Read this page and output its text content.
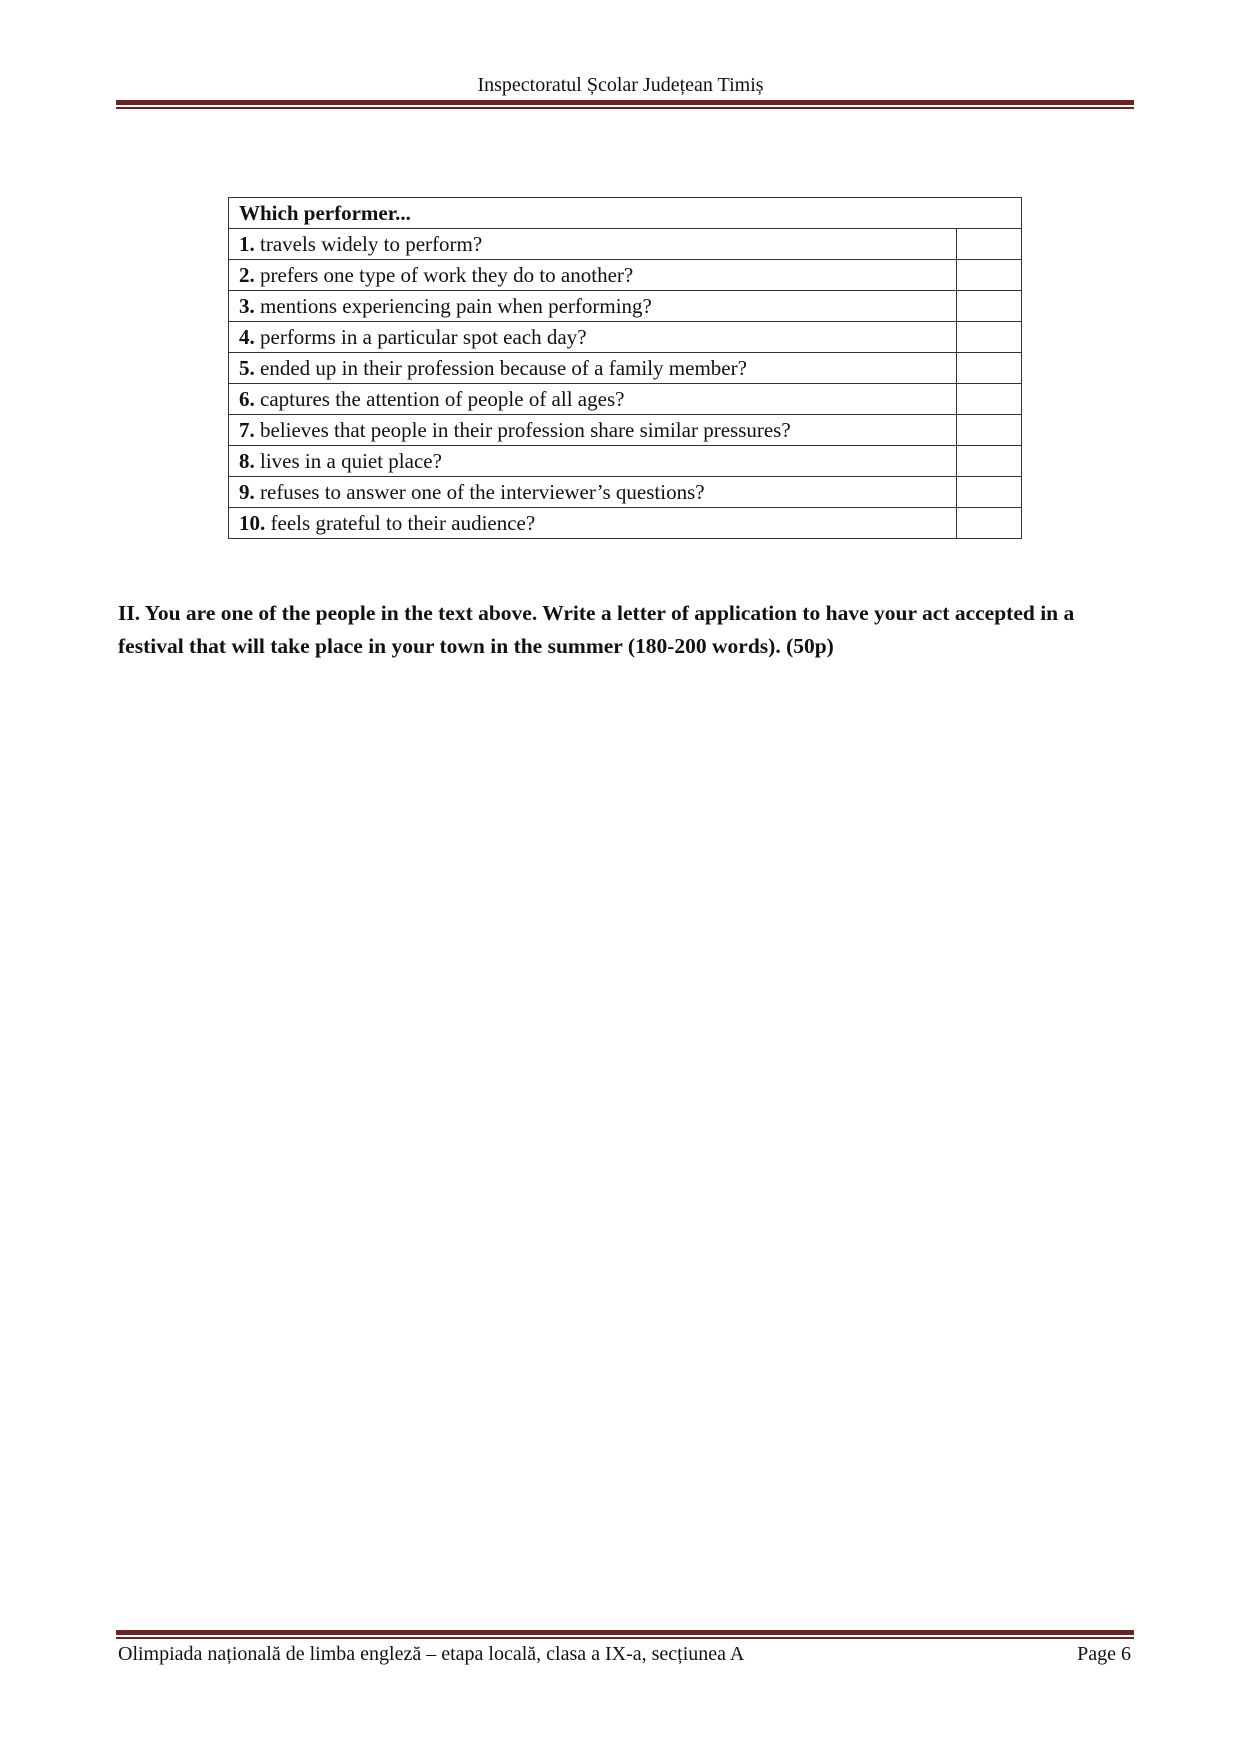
Inspectoratul Școlar Județean Timiș
Which performer...	
1. travels widely to perform?	
2. prefers one type of work they do to another?	
3. mentions experiencing pain when performing?	
4. performs in a particular spot each day?	
5. ended up in their profession because of a family member?	
6. captures the attention of people of all ages?	
7. believes that people in their profession share similar pressures?	
8. lives in a quiet place?	
9. refuses to answer one of the interviewer’s questions?	
10. feels grateful to their audience?	
II. You are one of the people in the text above. Write a letter of application to have your act accepted in a festival that will take place in your town in the summer (180-200 words). (50p)
Olimpiada națională de limba engleză – etapa locală, clasa a IX-a, secțiunea A	Page 6
